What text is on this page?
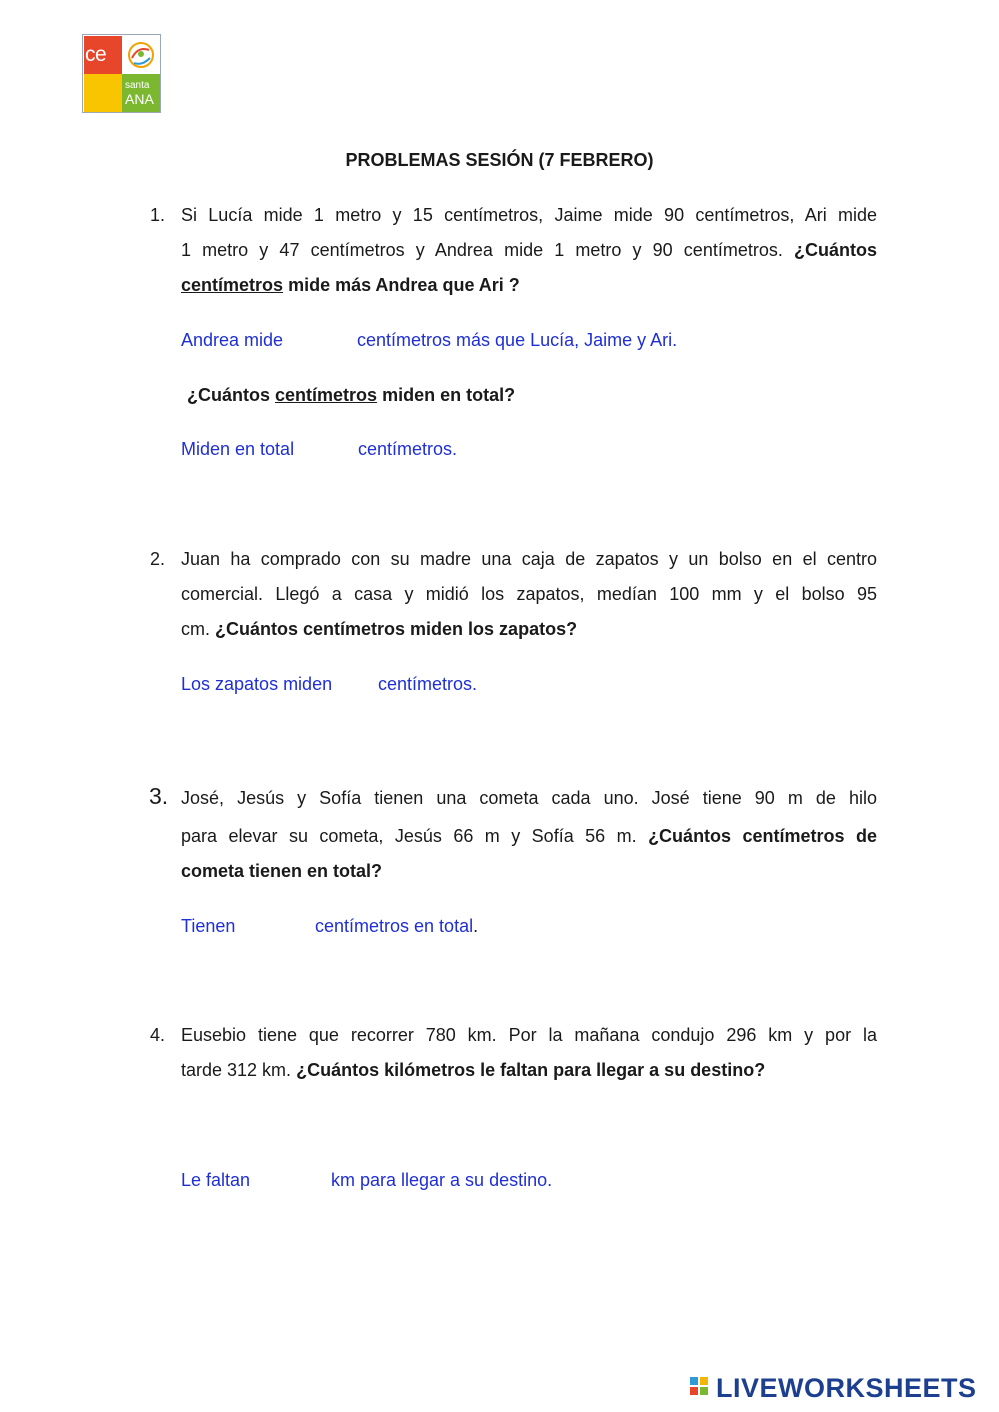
ce
santa
ANA
PROBLEMAS SESIÓN (7 FEBRERO)
1. Si Lucía mide 1 metro y 15 centímetros, Jaime mide 90 centímetros, Ari mide
1 metro y 47 centímetros y Andrea mide 1 metro y 90 centímetros. ¿Cuántos
centímetros mide más Andrea que Ari ?
Andrea mide	centímetros más que Lucía, Jaime y Ari.
¿Cuántos centímetros miden en total?
Miden en total	centímetros.
2. Juan ha comprado con su madre una caja de zapatos y un bolso en el centro
comercial. Llegó a casa y midió los zapatos, medían 100 mm y el bolso 95
cm. ¿Cuántos centímetros miden los zapatos?
Los zapatos miden	centímetros.
3. José, Jesús y Sofía tienen una cometa cada uno. José tiene 90 m de hilo
para elevar su cometa, Jesús 66 m y Sofía 56 m. ¿Cuántos centímetros de
cometa tienen en total?
Tienen	centímetros en total.
4. Eusebio tiene que recorrer 780 km. Por la mañana condujo 296 km y por la
tarde 312 km. ¿Cuántos kilómetros le faltan para llegar a su destino?
Le faltan	km para llegar a su destino.
LIVEWORKSHEETS
